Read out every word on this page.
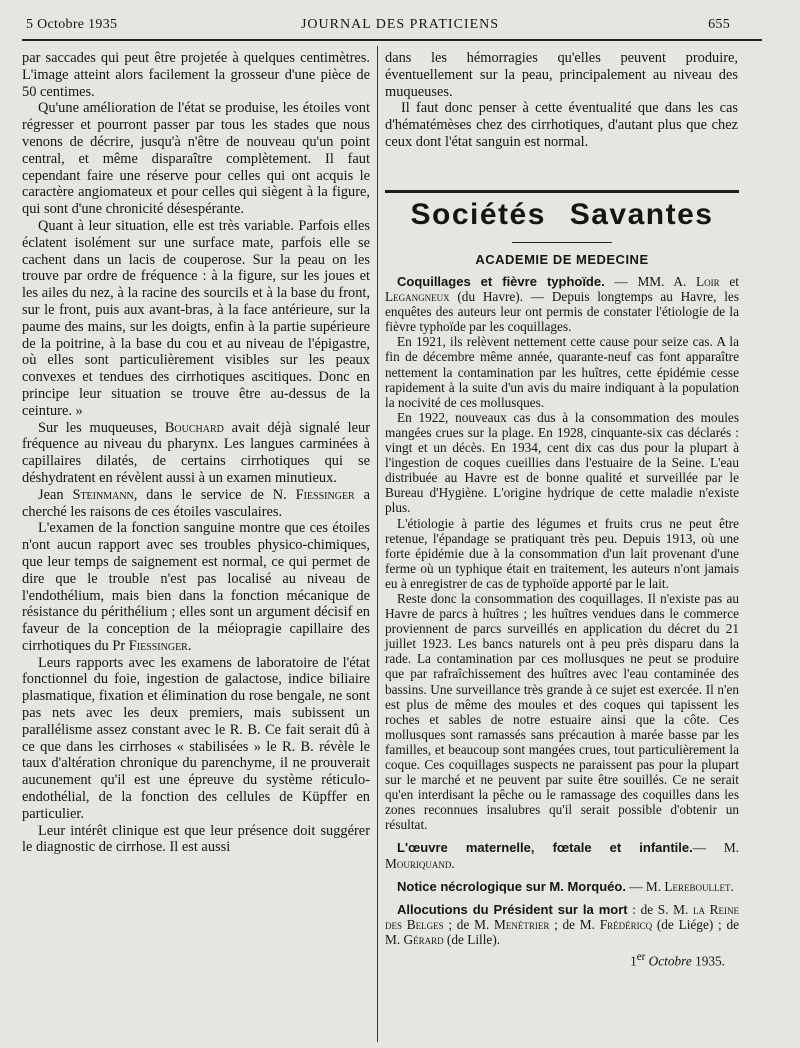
5 Octobre 1935	JOURNAL DES PRATICIENS	655

par saccades qui peut être projetée à quelques centimètres. L'image atteint alors facilement la grosseur d'une pièce de 50 centimes.

Qu'une amélioration de l'état se produise, les étoiles vont régresser et pourront passer par tous les stades que nous venons de décrire, jusqu'à n'être de nouveau qu'un point central, et même disparaître complètement. Il faut cependant faire une réserve pour celles qui ont acquis le caractère angiomateux et pour celles qui siègent à la figure, qui sont d'une chronicité désespérante.

Quant à leur situation, elle est très variable. Parfois elles éclatent isolément sur une surface mate, parfois elle se cachent dans un lacis de couperose. Sur la peau on les trouve par ordre de fréquence : à la figure, sur les joues et les ailes du nez, à la racine des sourcils et à la base du front, sur le front, puis aux avant-bras, à la face antérieure, sur la paume des mains, sur les doigts, enfin à la partie supérieure de la poitrine, à la base du cou et au niveau de l'épigastre, où elles sont particulièrement visibles sur les peaux convexes et tendues des cirrhotiques ascitiques. Donc en principe leur situation se trouve être au-dessus de la ceinture. »

Sur les muqueuses, Bouchard avait déjà signalé leur fréquence au niveau du pharynx. Les langues carminées à capillaires dilatés, de certains cirrhotiques qui se déshydratent en révèlent aussi à un examen minutieux.

Jean Steinmann, dans le service de N. Fiessinger a cherché les raisons de ces étoiles vasculaires.

L'examen de la fonction sanguine montre que ces étoiles n'ont aucun rapport avec ses troubles physico-chimiques, que leur temps de saignement est normal, ce qui permet de dire que le trouble n'est pas localisé au niveau de l'endothélium, mais bien dans la fonction mécanique de résistance du périthélium ; elles sont un argument décisif en faveur de la conception de la méiopragie capillaire des cirrhotiques du Pr Fiessinger.

Leurs rapports avec les examens de laboratoire de l'état fonctionnel du foie, ingestion de galactose, indice biliaire plasmatique, fixation et élimination du rose bengale, ne sont pas nets avec les deux premiers, mais subissent un parallélisme assez constant avec le R. B. Ce fait serait dû à ce que dans les cirrhoses « stabilisées » le R. B. révèle le taux d'altération chronique du parenchyme, il ne prouverait aucunement qu'il est une épreuve du système réticulo-endothélial, de la fonction des cellules de Küpffer en particulier.

Leur intérêt clinique est que leur présence doit suggérer le diagnostic de cirrhose. Il est aussi

dans les hémorragies qu'elles peuvent produire, éventuellement sur la peau, principalement au niveau des muqueuses.

Il faut donc penser à cette éventualité que dans les cas d'hématémèses chez des cirrhotiques, d'autant plus que chez ceux dont l'état sanguin est normal.

Sociétés Savantes
ACADEMIE DE MEDECINE

Coquillages et fièvre typhoïde. — MM. A. Loir et Legangneux (du Havre). — Depuis longtemps au Havre, les enquêtes des auteurs leur ont permis de constater l'étiologie de la fièvre typhoïde par les coquillages.

En 1921, ils relèvent nettement cette cause pour seize cas. A la fin de décembre même année, quarante-neuf cas font apparaître nettement la contamination par les huîtres, cette épidémie cesse rapidement à la suite d'un avis du maire indiquant à la population la nocivité de ces mollusques.

En 1922, nouveaux cas dus à la consommation des moules mangées crues sur la plage. En 1928, cinquante-six cas déclarés : vingt et un décès. En 1934, cent dix cas dus pour la plupart à l'ingestion de coques cueillies dans l'estuaire de la Seine. L'eau distribuée au Havre est de bonne qualité et surveillée par le Bureau d'Hygiène. L'origine hydrique de cette maladie n'existe plus.

L'étiologie à partie des légumes et fruits crus ne peut être retenue, l'épandage se pratiquant très peu. Depuis 1913, où une forte épidémie due à la consommation d'un lait provenant d'une ferme où un typhique était en traitement, les auteurs n'ont jamais eu à enregistrer de cas de typhoïde apporté par le lait.

Reste donc la consommation des coquillages. Il n'existe pas au Havre de parcs à huîtres ; les huîtres vendues dans le commerce proviennent de parcs surveillés en application du décret du 21 juillet 1923. Les bancs naturels ont à peu près disparu dans la rade. La contamination par ces mollusques ne peut se produire que par rafraîchissement des huîtres avec l'eau contaminée des bassins. Une surveillance très grande à ce sujet est exercée. Il n'en est plus de même des moules et des coques qui tapissent les roches et sables de notre estuaire ainsi que la côte. Ces mollusques sont ramassés sans précaution à marée basse par les familles, et beaucoup sont mangées crues, tout particulièrement la coque. Ces coquillages suspects ne paraissent pas pour la plupart sur le marché et ne peuvent par suite être souillés. Ce ne serait qu'en interdisant la pêche ou le ramassage des coquilles dans les zones reconnues insalubres qu'il serait possible d'obtenir un résultat.

L'œuvre maternelle, fœtale et infantile.— M. Mouriquand.

Notice nécrologique sur M. Morquéo. — M. Lereboullet.

Allocutions du Président sur la mort : de S. M. la Reine des Belges ; de M. Menétrier ; de M. Frédéricq (de Liége) ; de M. Gérard (de Lille).

1er Octobre 1935.
